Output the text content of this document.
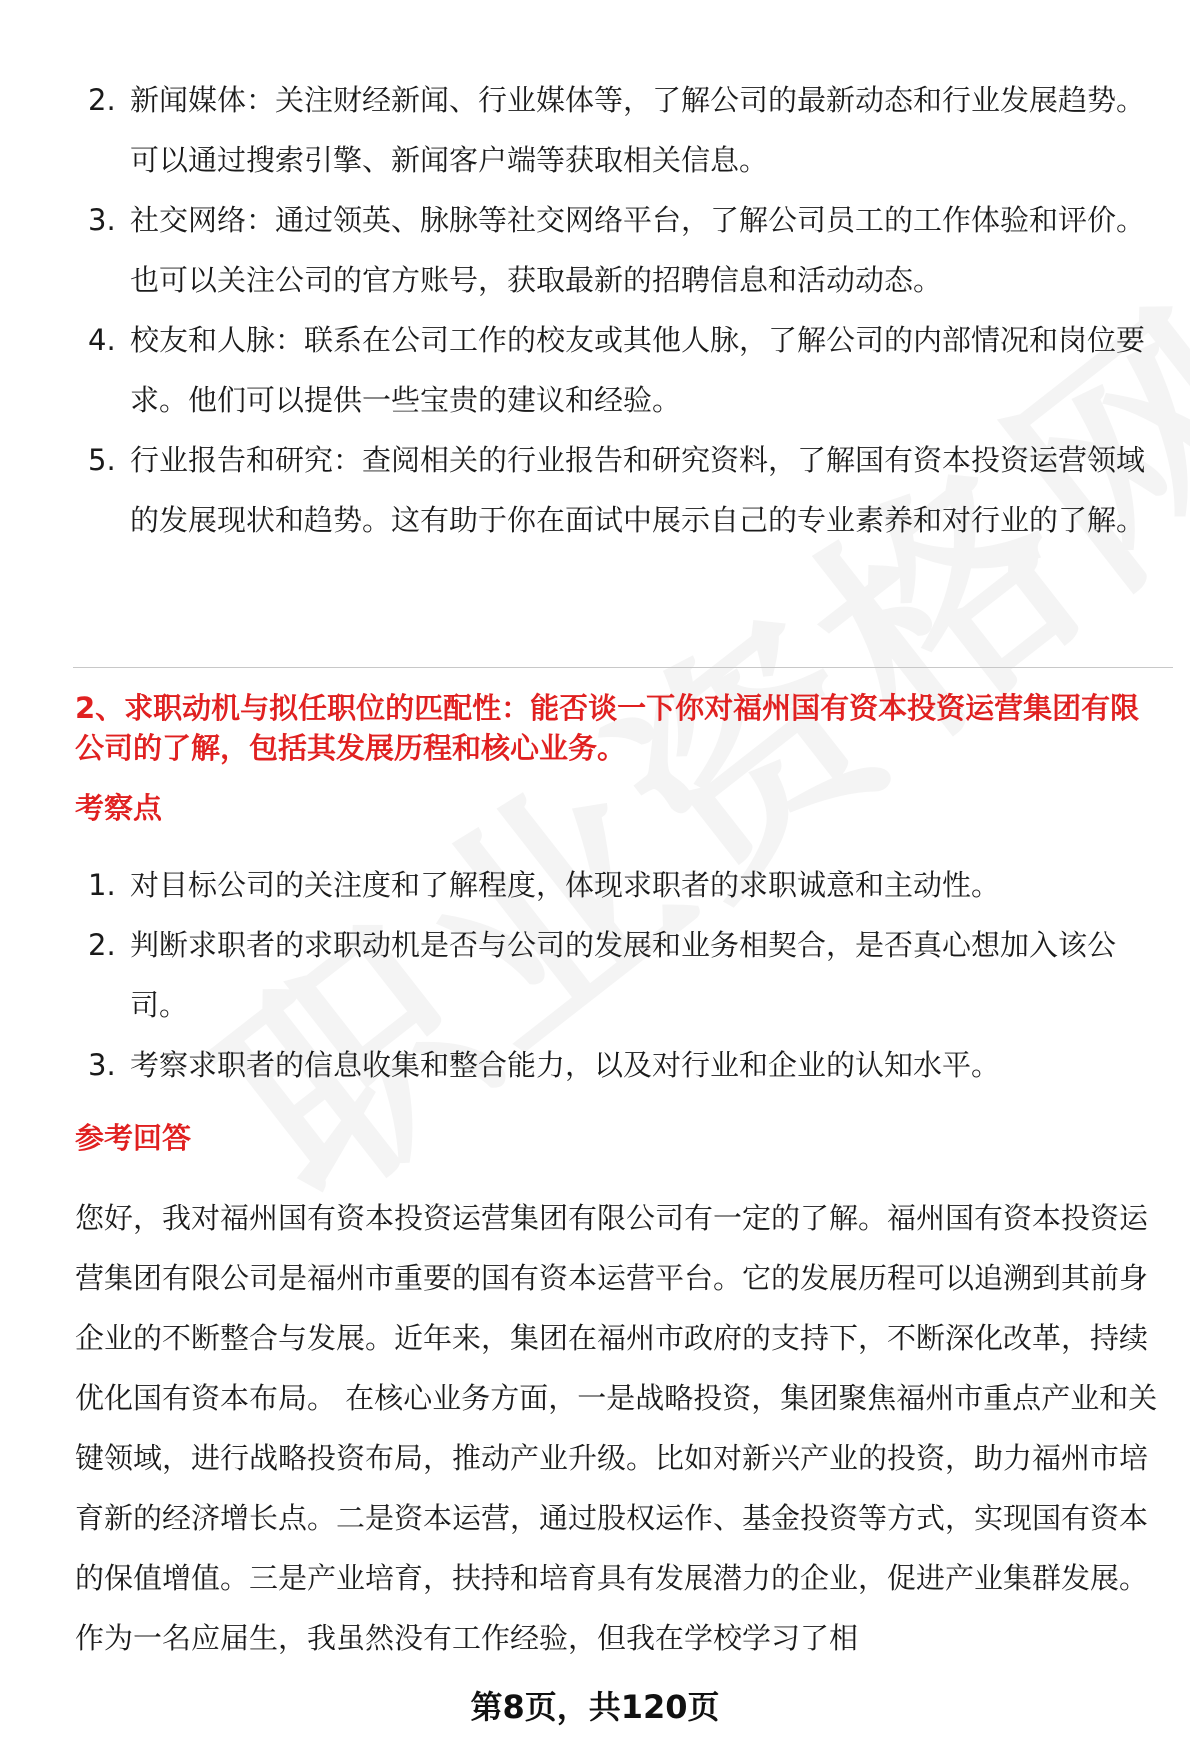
2. 新闻媒体：关注财经新闻、行业媒体等，了解公司的最新动态和行业发展趋势。可以通过搜索引擎、新闻客户端等获取相关信息。
3. 社交网络：通过领英、脉脉等社交网络平台，了解公司员工的工作体验和评价。也可以关注公司的官方账号，获取最新的招聘信息和活动动态。
4. 校友和人脉：联系在公司工作的校友或其他人脉，了解公司的内部情况和岗位要求。他们可以提供一些宝贵的建议和经验。
5. 行业报告和研究：查阅相关的行业报告和研究资料，了解国有资本投资运营领域的发展现状和趋势。这有助于你在面试中展示自己的专业素养和对行业的了解。
2、求职动机与拟任职位的匹配性：能否谈一下你对福州国有资本投资运营集团有限公司的了解，包括其发展历程和核心业务。
考察点
1. 对目标公司的关注度和了解程度，体现求职者的求职诚意和主动性。
2. 判断求职者的求职动机是否与公司的发展和业务相契合，是否真心想加入该公司。
3. 考察求职者的信息收集和整合能力，以及对行业和企业的认知水平。
参考回答
您好，我对福州国有资本投资运营集团有限公司有一定的了解。福州国有资本投资运营集团有限公司是福州市重要的国有资本运营平台。它的发展历程可以追溯到其前身企业的不断整合与发展。近年来，集团在福州市政府的支持下，不断深化改革，持续优化国有资本布局。 在核心业务方面，一是战略投资，集团聚焦福州市重点产业和关键领域，进行战略投资布局，推动产业升级。比如对新兴产业的投资，助力福州市培育新的经济增长点。二是资本运营，通过股权运作、基金投资等方式，实现国有资本的保值增值。三是产业培育，扶持和培育具有发展潜力的企业，促进产业集群发展。 作为一名应届生，我虽然没有工作经验，但我在学校学习了相
第8页，共120页
